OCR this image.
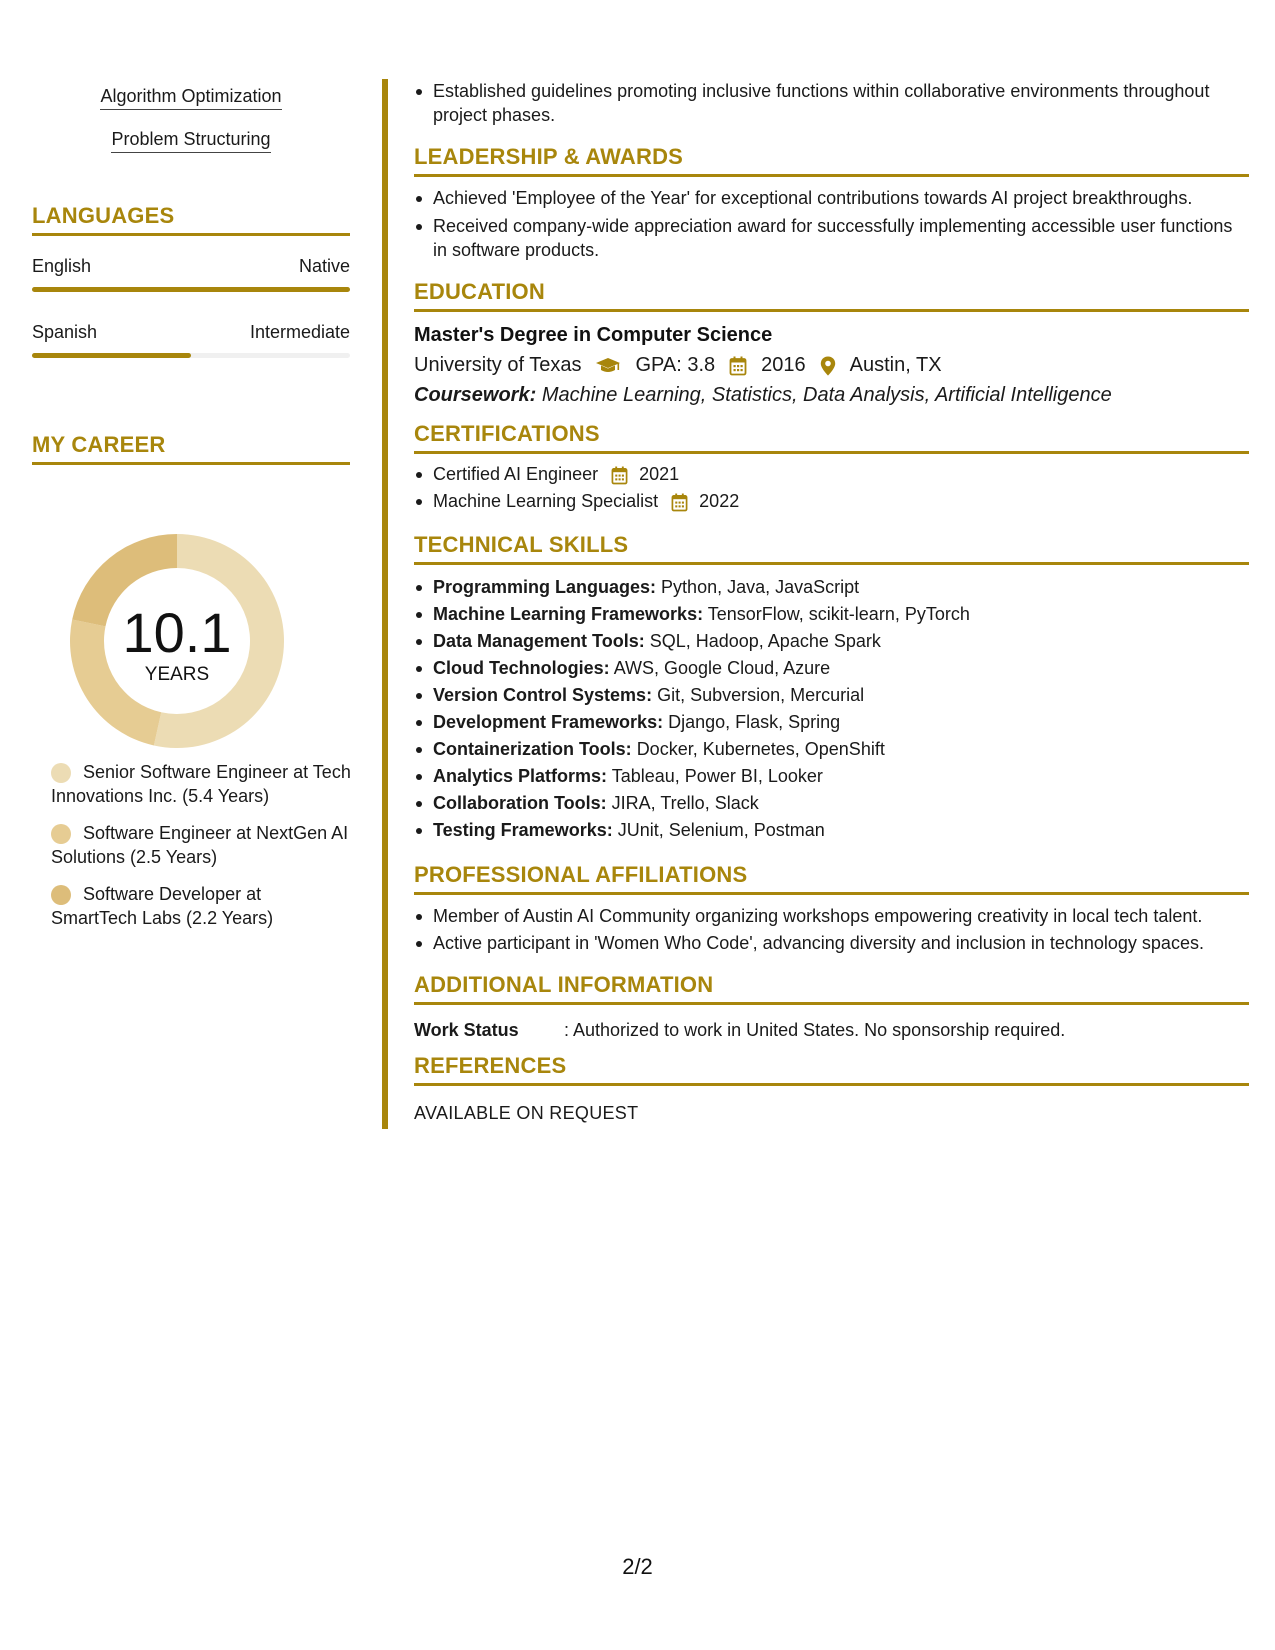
Algorithm Optimization
Problem Structuring
LANGUAGES
English	Native
Spanish	Intermediate
MY CAREER
10.1
YEARS
Senior Software Engineer at Tech Innovations Inc. (5.4 Years)
Software Engineer at NextGen AI Solutions (2.5 Years)
Software Developer at SmartTech Labs (2.2 Years)
Established guidelines promoting inclusive functions within collaborative environments throughout project phases.
LEADERSHIP & AWARDS
Achieved 'Employee of the Year' for exceptional contributions towards AI project breakthroughs.
Received company-wide appreciation award for successfully implementing accessible user functions in software products.
EDUCATION
Master's Degree in Computer Science
University of Texas	GPA: 3.8 2016 Austin, TX
Coursework: Machine Learning, Statistics, Data Analysis, Artificial Intelligence
CERTIFICATIONS
Certified AI Engineer 2021
Machine Learning Specialist 2022
TECHNICAL SKILLS
Programming Languages: Python, Java, JavaScript
Machine Learning Frameworks: TensorFlow, scikit-learn, PyTorch
Data Management Tools: SQL, Hadoop, Apache Spark
Cloud Technologies: AWS, Google Cloud, Azure
Version Control Systems: Git, Subversion, Mercurial
Development Frameworks: Django, Flask, Spring
Containerization Tools: Docker, Kubernetes, OpenShift
Analytics Platforms: Tableau, Power BI, Looker
Collaboration Tools: JIRA, Trello, Slack
Testing Frameworks: JUnit, Selenium, Postman
PROFESSIONAL AFFILIATIONS
Member of Austin AI Community organizing workshops empowering creativity in local tech talent.
Active participant in 'Women Who Code', advancing diversity and inclusion in technology spaces.
ADDITIONAL INFORMATION
Work Status	: Authorized to work in United States. No sponsorship required.
REFERENCES
AVAILABLE ON REQUEST
2/2
